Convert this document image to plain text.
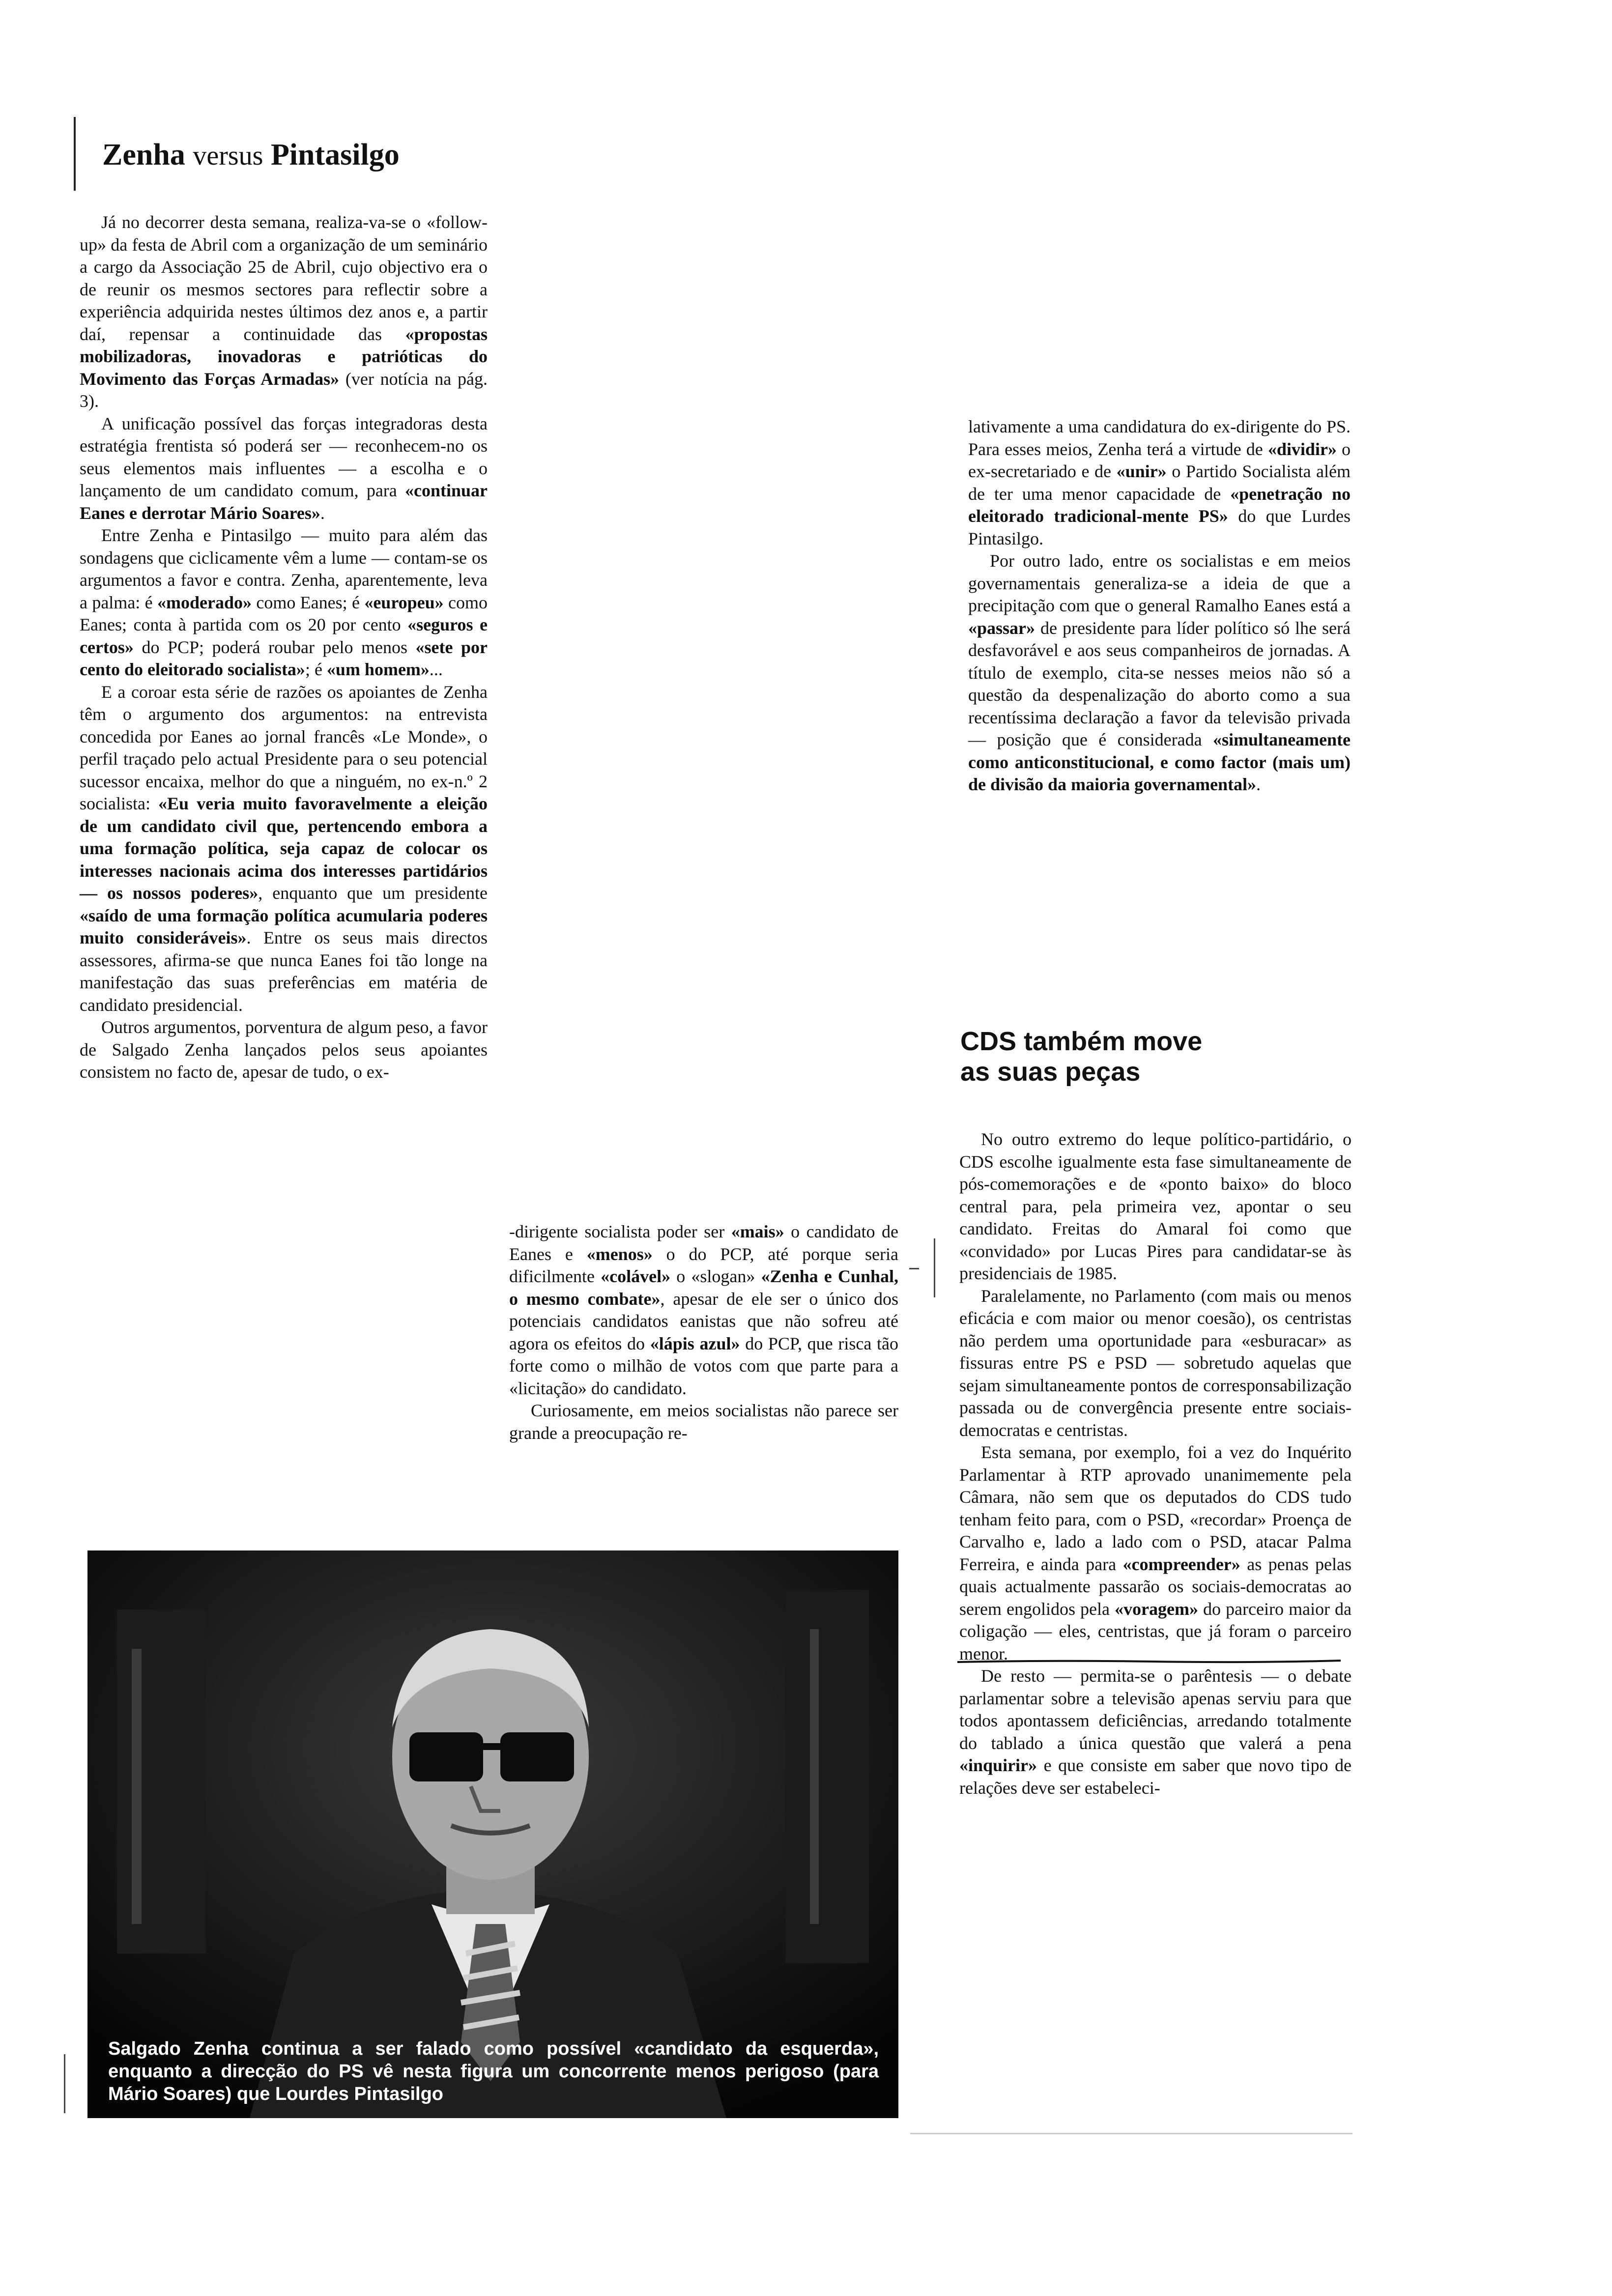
Zenha versus Pintasilgo

Já no decorrer desta semana, realiza-va-se o «follow-up» da festa de Abril com a organização de um seminário a cargo da Associação 25 de Abril, cujo objectivo era o de reunir os mesmos sectores para reflectir sobre a experiência adquirida nestes últimos dez anos e, a partir daí, repensar a continuidade das «propostas mobilizadoras, inovadoras e patrióticas do Movimento das Forças Armadas» (ver notícia na pág. 3).

A unificação possível das forças integradoras desta estratégia frentista só poderá ser — reconhecem-no os seus elementos mais influentes — a escolha e o lançamento de um candidato comum, para «continuar Eanes e derrotar Mário Soares».

Entre Zenha e Pintasilgo — muito para além das sondagens que ciclicamente vêm a lume — contam-se os argumentos a favor e contra. Zenha, aparentemente, leva a palma: é «moderado» como Eanes; é «europeu» como Eanes; conta à partida com os 20 por cento «seguros e certos» do PCP; poderá roubar pelo menos «sete por cento do eleitorado socialista»; é «um homem»...

E a coroar esta série de razões os apoiantes de Zenha têm o argumento dos argumentos: na entrevista concedida por Eanes ao jornal francês «Le Monde», o perfil traçado pelo actual Presidente para o seu potencial sucessor encaixa, melhor do que a ninguém, no ex-n.º 2 socialista: «Eu veria muito favoravelmente a eleição de um candidato civil que, pertencendo embora a uma formação política, seja capaz de colocar os interesses nacionais acima dos interesses partidários — os nossos poderes», enquanto que um presidente «saído de uma formação política acumularia poderes muito consideráveis». Entre os seus mais directos assessores, afirma-se que nunca Eanes foi tão longe na manifestação das suas preferências em matéria de candidato presidencial.

Outros argumentos, porventura de algum peso, a favor de Salgado Zenha lançados pelos seus apoiantes consistem no facto de, apesar de tudo, o ex-

-dirigente socialista poder ser «mais» o candidato de Eanes e «menos» o do PCP, até porque seria dificilmente «colável» o «slogan» «Zenha e Cunhal, o mesmo combate», apesar de ele ser o único dos potenciais candidatos eanistas que não sofreu até agora os efeitos do «lápis azul» do PCP, que risca tão forte como o milhão de votos com que parte para a «licitação» do candidato.

Curiosamente, em meios socialistas não parece ser grande a preocupação re-

lativamente a uma candidatura do ex-dirigente do PS. Para esses meios, Zenha terá a virtude de «dividir» o ex-secretariado e de «unir» o Partido Socialista além de ter uma menor capacidade de «penetração no eleitorado tradicional-mente PS» do que Lurdes Pintasilgo.

Por outro lado, entre os socialistas e em meios governamentais generaliza-se a ideia de que a precipitação com que o general Ramalho Eanes está a «passar» de presidente para líder político só lhe será desfavorável e aos seus companheiros de jornadas. A título de exemplo, cita-se nesses meios não só a questão da despenalização do aborto como a sua recentíssima declaração a favor da televisão privada — posição que é considerada «simultaneamente como anticonstitucional, e como factor (mais um) de divisão da maioria governamental».

CDS também move
as suas peças

No outro extremo do leque político-partidário, o CDS escolhe igualmente esta fase simultaneamente de pós-comemorações e de «ponto baixo» do bloco central para, pela primeira vez, apontar o seu candidato. Freitas do Amaral foi como que «convidado» por Lucas Pires para candidatar-se às presidenciais de 1985.

Paralelamente, no Parlamento (com mais ou menos eficácia e com maior ou menor coesão), os centristas não perdem uma oportunidade para «esburacar» as fissuras entre PS e PSD — sobretudo aquelas que sejam simultaneamente pontos de corresponsabilização passada ou de convergência presente entre sociais-democratas e centristas.

Esta semana, por exemplo, foi a vez do Inquérito Parlamentar à RTP aprovado unanimemente pela Câmara, não sem que os deputados do CDS tudo tenham feito para, com o PSD, «recordar» Proença de Carvalho e, lado a lado com o PSD, atacar Palma Ferreira, e ainda para «compreender» as penas pelas quais actualmente passarão os sociais-democratas ao serem engolidos pela «voragem» do parceiro maior da coligação — eles, centristas, que já foram o parceiro menor.

De resto — permita-se o parêntesis — o debate parlamentar sobre a televisão apenas serviu para que todos apontassem deficiências, arredando totalmente do tablado a única questão que valerá a pena «inquirir» e que consiste em saber que novo tipo de relações deve ser estabeleci-

Salgado Zenha continua a ser falado como possível «candidato da esquerda», enquanto a direcção do PS vê nesta figura um concorrente menos perigoso (para Mário Soares) que Lourdes Pintasilgo
